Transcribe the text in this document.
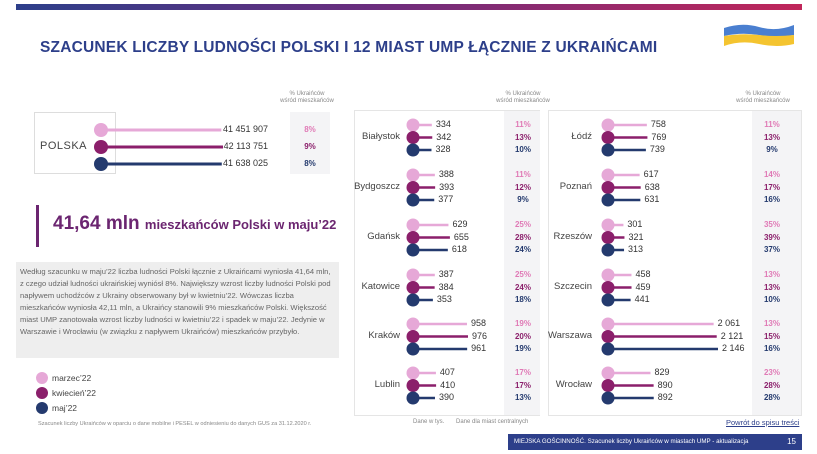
SZACUNEK LICZBY LUDNOŚCI POLSKI I 12 MIAST UMP ŁĄCZNIE Z UKRAIŃCAMI
% Ukraińców
wśród mieszkańców
POLSKA
41,64 mln mieszkańców Polski w maju’22
Według szacunku w maju’22 liczba ludności Polski łącznie z Ukraińcami wyniosła 41,64 mln, z czego udział ludności ukraińskiej wyniósł 8%. Największy wzrost liczby ludności Polski pod napływem uchodźców z Ukrainy obserwowany był w kwietniu’22. Wówczas liczba mieszkańców wyniosła 42,11 mln, a Ukraińcy stanowili 9% mieszkańców Polski. Większość miast UMP zanotowała wzrost liczby ludności w kwietniu’22 i spadek w maju’22. Jedynie w Warszawie i Wrocławiu (w związku z napływem Ukraińców) mieszkańców przybyło.
marzec’22
kwiecień’22
maj’22
Szacunek liczby Ukraińców w oparciu o dane mobilne i PESEL w odniesieniu do danych GUS za 31.12.2020 r.
% Ukraińców
wśród mieszkańców
% Ukraińców
wśród mieszkańców
41 451 907	8%
42 113 751	9%
41 638 025	8%
Białystok
334	11%
342	13%
328	10%
Bydgoszcz
388	11%
393	12%
377	9%
Gdańsk
629	25%
655	28%
618	24%
Katowice
387	25%
384	24%
353	18%
Kraków
958	19%
976	20%
961	19%
Lublin
407	17%
410	17%
390	13%
Łódź
758	11%
769	13%
739	9%
Poznań
617	14%
638	17%
631	16%
Rzeszów
301	35%
321	39%
313	37%
Szczecin
458	13%
459	13%
441	10%
Warszawa
2 061	13%
2 121	15%
2 146	16%
Wrocław
829	23%
890	28%
892	28%
Dane w tys. Dane dla miast centralnych	Powrót do spisu treści
MIEJSKA GOŚCINNOŚĆ. Szacunek liczby Ukraińców w miastach UMP - aktualizacja	15
